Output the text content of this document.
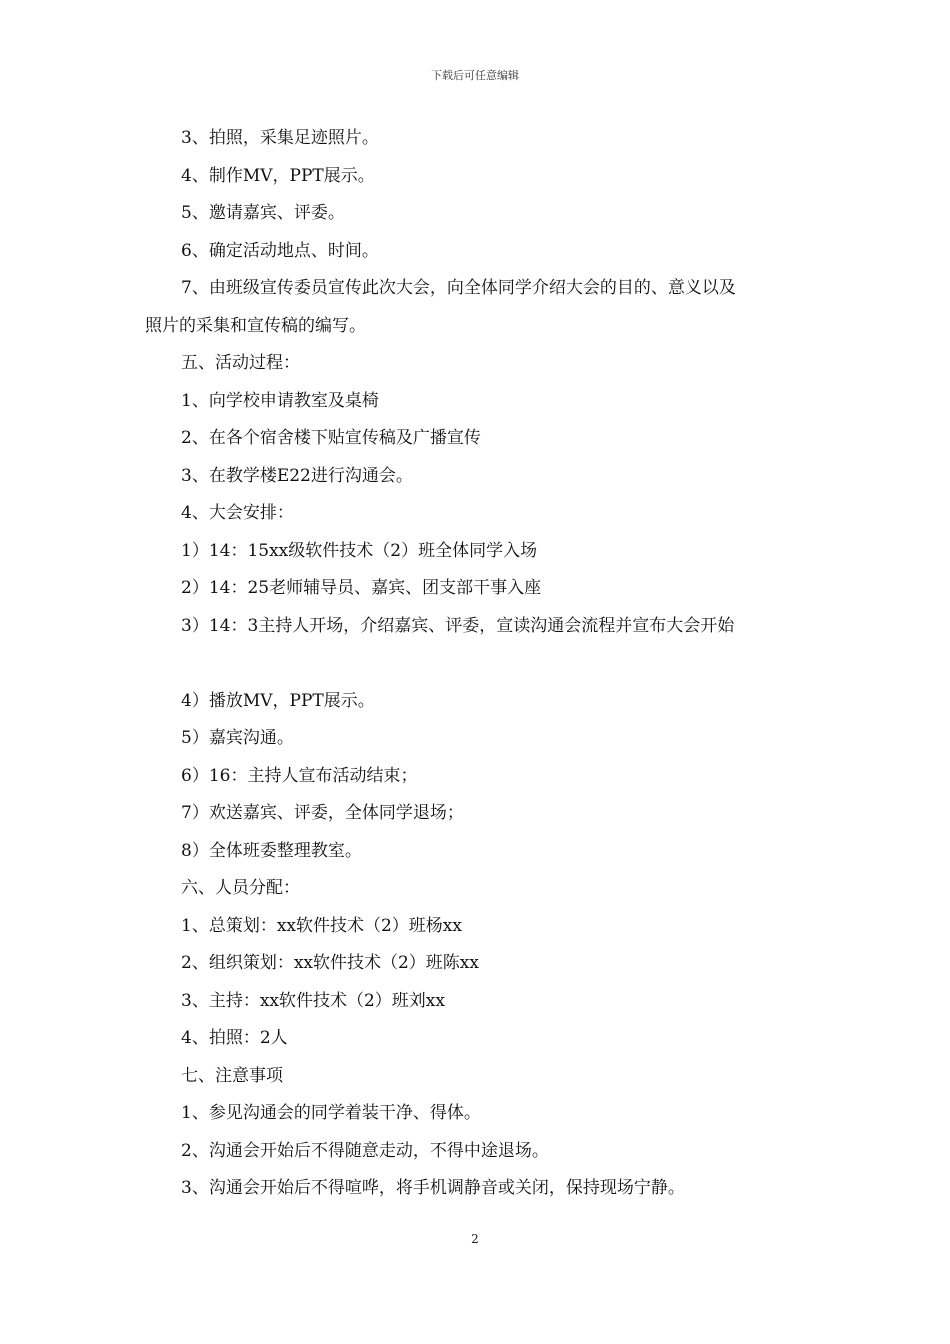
下载后可任意编辑
3、拍照，采集足迹照片。
4、制作MV，PPT展示。
5、邀请嘉宾、评委。
6、确定活动地点、时间。
7、由班级宣传委员宣传此次大会，向全体同学介绍大会的目的、意义以及
照片的采集和宣传稿的编写。
五、活动过程：
1、向学校申请教室及桌椅
2、在各个宿舍楼下贴宣传稿及广播宣传
3、在教学楼E22进行沟通会。
4、大会安排：
1）14：15xx级软件技术（2）班全体同学入场
2）14：25老师辅导员、嘉宾、团支部干事入座
3）14：3主持人开场，介绍嘉宾、评委，宣读沟通会流程并宣布大会开始
4）播放MV，PPT展示。
5）嘉宾沟通。
6）16：主持人宣布活动结束；
7）欢送嘉宾、评委，全体同学退场；
8）全体班委整理教室。
六、人员分配：
1、总策划：xx软件技术（2）班杨xx
2、组织策划：xx软件技术（2）班陈xx
3、主持：xx软件技术（2）班刘xx
4、拍照：2人
七、注意事项
1、参见沟通会的同学着装干净、得体。
2、沟通会开始后不得随意走动，不得中途退场。
3、沟通会开始后不得喧哗，将手机调静音或关闭，保持现场宁静。
2
